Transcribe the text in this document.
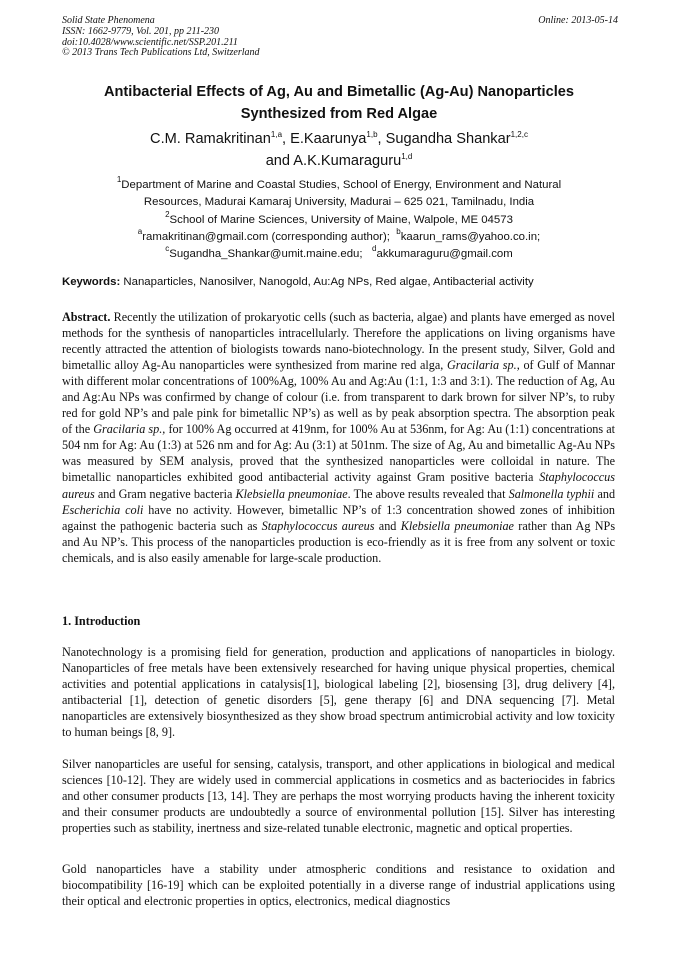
Solid State Phenomena
ISSN: 1662-9779, Vol. 201, pp 211-230
doi:10.4028/www.scientific.net/SSP.201.211
© 2013 Trans Tech Publications Ltd, Switzerland
Online: 2013-05-14
Antibacterial Effects of Ag, Au and Bimetallic (Ag-Au) Nanoparticles
Synthesized from Red Algae
C.M. Ramakritinan$^{1,a}$, E.Kaarunya$^{1,b}$, Sugandha Shankar$^{1,2,c}$
and A.K.Kumaraguru$^{1,d}$
$^1$Department of Marine and Coastal Studies, School of Energy, Environment and Natural
Resources, Madurai Kamaraj University, Madurai – 625 021, Tamilnadu, India
$^2$School of Marine Sciences, University of Maine, Walpole, ME 04573
$^a$ramakritinan@gmail.com (corresponding author); $^b$kaarun_rams@yahoo.co.in;
$^c$Sugandha_Shankar@umit.maine.edu; $^d$akkumaraguru@gmail.com
Keywords: Nanaparticles, Nanosilver, Nanogold, Au:Ag NPs, Red algae, Antibacterial activity
Abstract. Recently the utilization of prokaryotic cells (such as bacteria, algae) and plants have emerged as novel methods for the synthesis of nanoparticles intracellularly. Therefore the applications on living organisms have recently attracted the attention of biologists towards nano-biotechnology. In the present study, Silver, Gold and bimetallic alloy Ag-Au nanoparticles were synthesized from marine red alga, Gracilaria sp., of Gulf of Mannar with different molar concentrations of 100%Ag, 100% Au and Ag:Au (1:1, 1:3 and 3:1). The reduction of Ag, Au and Ag:Au NPs was confirmed by change of colour (i.e. from transparent to dark brown for silver NP’s, to ruby red for gold NP’s and pale pink for bimetallic NP’s) as well as by peak absorption spectra. The absorption peak of the Gracilaria sp., for 100% Ag occurred at 419nm, for 100% Au at 536nm, for Ag: Au (1:1) concentrations at 504 nm for Ag: Au (1:3) at 526 nm and for Ag: Au (3:1) at 501nm. The size of Ag, Au and bimetallic Ag-Au NPs was measured by SEM analysis, proved that the synthesized nanoparticles were colloidal in nature. The bimetallic nanoparticles exhibited good antibacterial activity against Gram positive bacteria Staphylococcus aureus and Gram negative bacteria Klebsiella pneumoniae. The above results revealed that Salmonella typhii and Escherichia coli have no activity. However, bimetallic NP’s of 1:3 concentration showed zones of inhibition against the pathogenic bacteria such as Staphylococcus aureus and Klebsiella pneumoniae rather than Ag NPs and Au NP’s. This process of the nanoparticles production is eco-friendly as it is free from any solvent or toxic chemicals, and is also easily amenable for large-scale production.
1. Introduction
Nanotechnology is a promising field for generation, production and applications of nanoparticles in biology. Nanoparticles of free metals have been extensively researched for having unique physical properties, chemical activities and potential applications in catalysis[1], biological labeling [2], biosensing [3], drug delivery [4], antibacterial [1], detection of genetic disorders [5], gene therapy [6] and DNA sequencing [7]. Metal nanoparticles are extensively biosynthesized as they show broad spectrum antimicrobial activity and low toxicity to human beings [8, 9].
Silver nanoparticles are useful for sensing, catalysis, transport, and other applications in biological and medical sciences [10-12]. They are widely used in commercial applications in cosmetics and as bacteriocides in fabrics and other consumer products [13, 14]. They are perhaps the most worrying products having the inherent toxicity and their consumer products are undoubtedly a source of environmental pollution [15]. Silver has interesting properties such as stability, inertness and size-related tunable electronic, magnetic and optical properties.
Gold nanoparticles have a stability under atmospheric conditions and resistance to oxidation and biocompatibility [16-19] which can be exploited potentially in a diverse range of industrial applications using their optical and electronic properties in optics, electronics, medical diagnostics
